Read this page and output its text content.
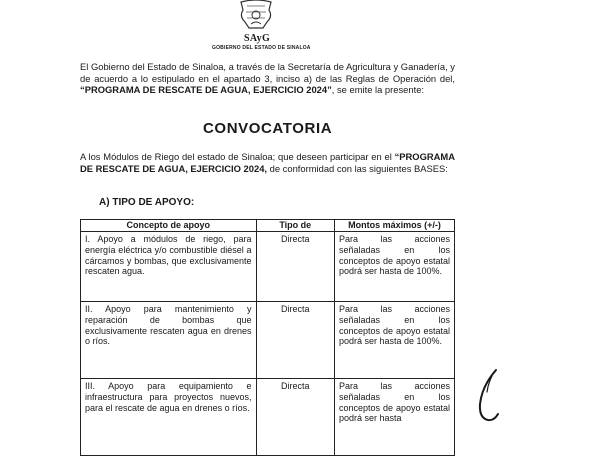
SAyG
GOBIERNO DEL ESTADO DE SINALOA
El Gobierno del Estado de Sinaloa, a través de la Secretaría de Agricultura y Ganadería, y de acuerdo a lo estipulado en el apartado 3, inciso a) de las Reglas de Operación del, “PROGRAMA DE RESCATE DE AGUA, EJERCICIO 2024”, se emite la presente:
CONVOCATORIA
A los Módulos de Riego del estado de Sinaloa; que deseen participar en el “PROGRAMA DE RESCATE DE AGUA, EJERCICIO 2024, de conformidad con las siguientes BASES:
A) TIPO DE APOYO:
Concepto de apoyo	Tipo de	Montos máximos (+/-)
I. Apoyo a módulos de riego, para energía eléctrica y/o combustible diésel a cárcamos y bombas, que exclusivamente rescaten agua.	Directa	Para las acciones señaladas en los conceptos de apoyo estatal podrá ser hasta de 100%.
II. Apoyo para mantenimiento y reparación de bombas que exclusivamente rescaten agua en drenes o ríos.	Directa	Para las acciones señaladas en los conceptos de apoyo estatal podrá ser hasta de 100%.
III. Apoyo para equipamiento e infraestructura para proyectos nuevos, para el rescate de agua en drenes o ríos.	Directa	Para las acciones señaladas en los conceptos de apoyo estatal podrá ser hasta
